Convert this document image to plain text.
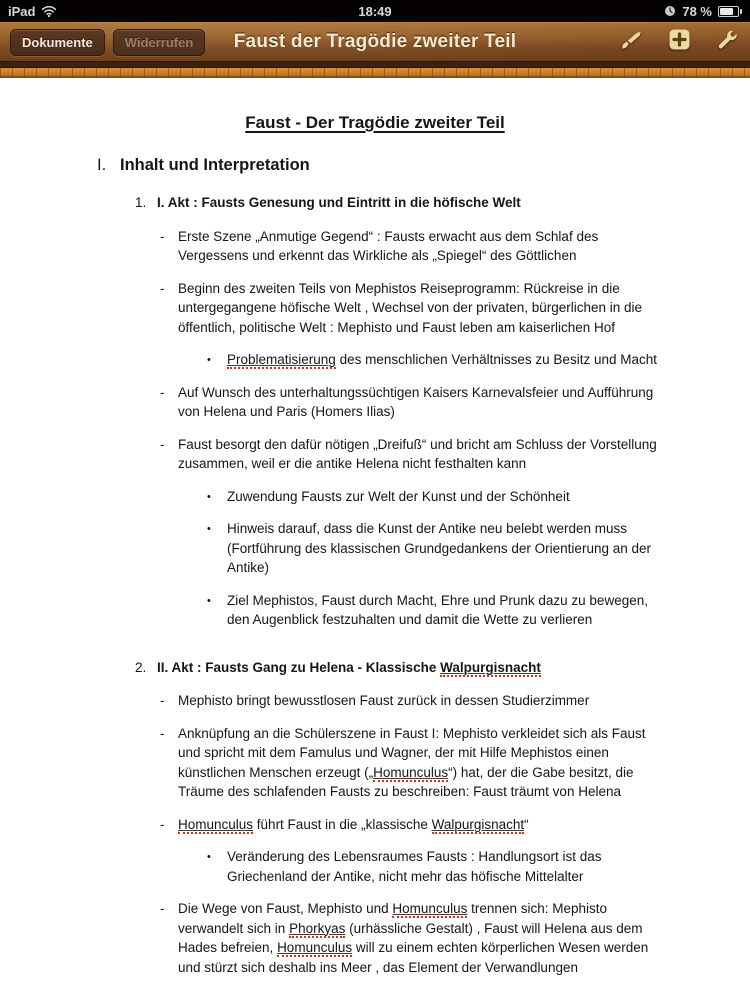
iPad	18:49	78 %
Faust der Tragödie zweiter Teil
Dokumente	Widerrufen
Faust - Der Tragödie zweiter Teil
I. Inhalt und Interpretation
1. I. Akt : Fausts Genesung und Eintritt in die höfische Welt
- Erste Szene „Anmutige Gegend“ : Fausts erwacht aus dem Schlaf des Vergessens und erkennt das Wirkliche als „Spiegel“ des Göttlichen
- Beginn des zweiten Teils von Mephistos Reiseprogramm: Rückreise in die untergegangene höfische Welt , Wechsel von der privaten, bürgerlichen in die öffentlich, politische Welt : Mephisto und Faust leben am kaiserlichen Hof
• Problematisierung des menschlichen Verhältnisses zu Besitz und Macht
- Auf Wunsch des unterhaltungssüchtigen Kaisers Karnevalsfeier und Aufführung von Helena und Paris (Homers Ilias)
- Faust besorgt den dafür nötigen „Dreifuß“ und bricht am Schluss der Vorstellung zusammen, weil er die antike Helena nicht festhalten kann
• Zuwendung Fausts zur Welt der Kunst und der Schönheit
• Hinweis darauf, dass die Kunst der Antike neu belebt werden muss (Fortführung des klassischen Grundgedankens der Orientierung an der Antike)
• Ziel Mephistos, Faust durch Macht, Ehre und Prunk dazu zu bewegen, den Augenblick festzuhalten und damit die Wette zu verlieren
2. II. Akt : Fausts Gang zu Helena - Klassische Walpurgisnacht
- Mephisto bringt bewusstlosen Faust zurück in dessen Studierzimmer
- Anknüpfung an die Schülerszene in Faust I: Mephisto verkleidet sich als Faust und spricht mit dem Famulus und Wagner, der mit Hilfe Mephistos einen künstlichen Menschen erzeugt („Homunculus“) hat, der die Gabe besitzt, die Träume des schlafenden Fausts zu beschreiben: Faust träumt von Helena
- Homunculus führt Faust in die „klassische Walpurgisnacht“
• Veränderung des Lebensraumes Fausts : Handlungsort ist das Griechenland der Antike, nicht mehr das höfische Mittelalter
- Die Wege von Faust, Mephisto und Homunculus trennen sich: Mephisto verwandelt sich in Phorkyas (urhässliche Gestalt) , Faust will Helena aus dem Hades befreien, Homunculus will zu einem echten körperlichen Wesen werden und stürzt sich deshalb ins Meer , das Element der Verwandlungen
